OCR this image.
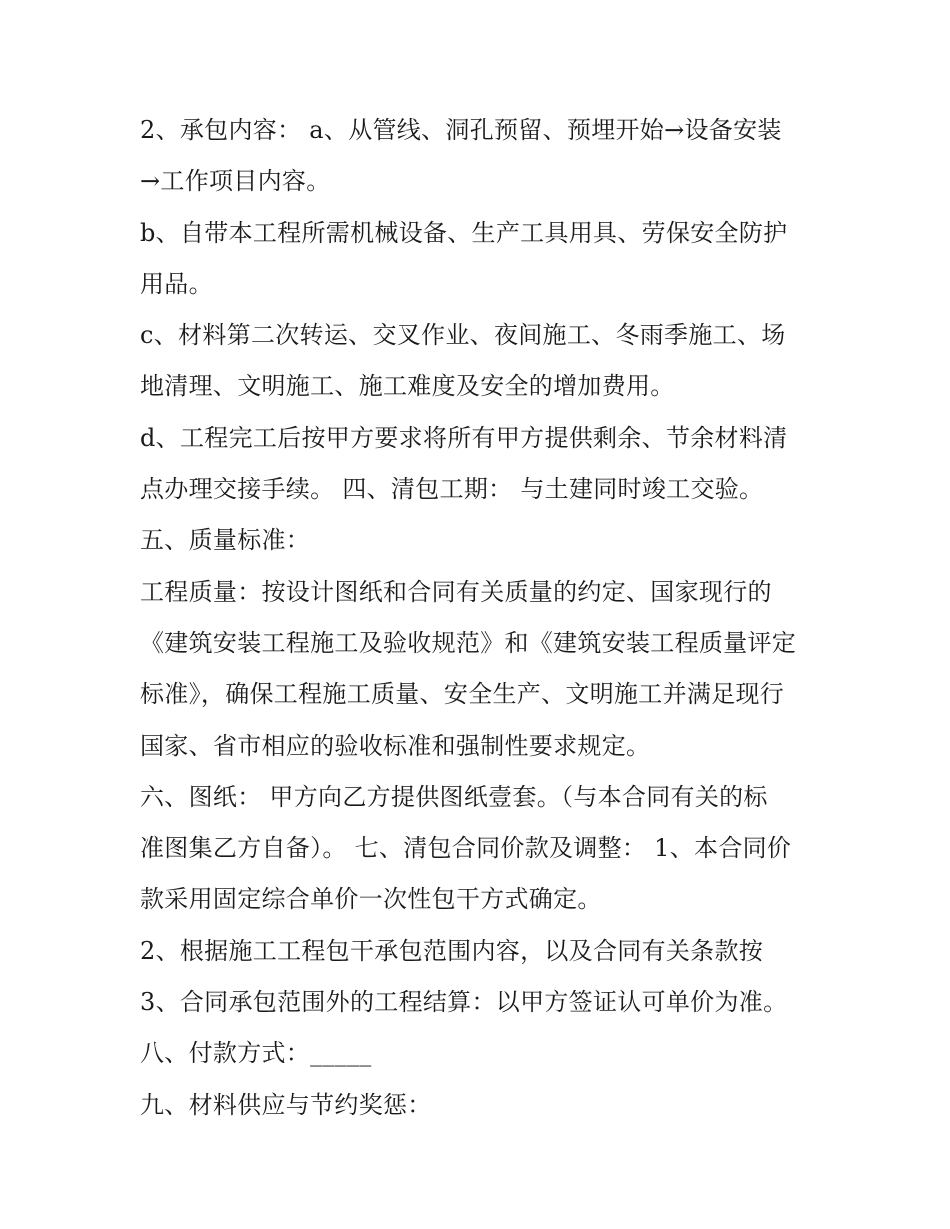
2、承包内容： a、从管线、洞孔预留、预埋开始→设备安装
→工作项目内容。
b、自带本工程所需机械设备、生产工具用具、劳保安全防护
用品。
c、材料第二次转运、交叉作业、夜间施工、冬雨季施工、场
地清理、文明施工、施工难度及安全的增加费用。
d、工程完工后按甲方要求将所有甲方提供剩余、节余材料清
点办理交接手续。 四、清包工期： 与土建同时竣工交验。
五、质量标准：
工程质量：按设计图纸和合同有关质量的约定、国家现行的
《建筑安装工程施工及验收规范》和《建筑安装工程质量评定
标准》，确保工程施工质量、安全生产、文明施工并满足现行
国家、省市相应的验收标准和强制性要求规定。
六、图纸： 甲方向乙方提供图纸壹套。（与本合同有关的标
准图集乙方自备）。 七、清包合同价款及调整： 1、本合同价
款采用固定综合单价一次性包干方式确定。
2、根据施工工程包干承包范围内容，以及合同有关条款按
3、合同承包范围外的工程结算：以甲方签证认可单价为准。
八、付款方式：_____
九、材料供应与节约奖惩：
